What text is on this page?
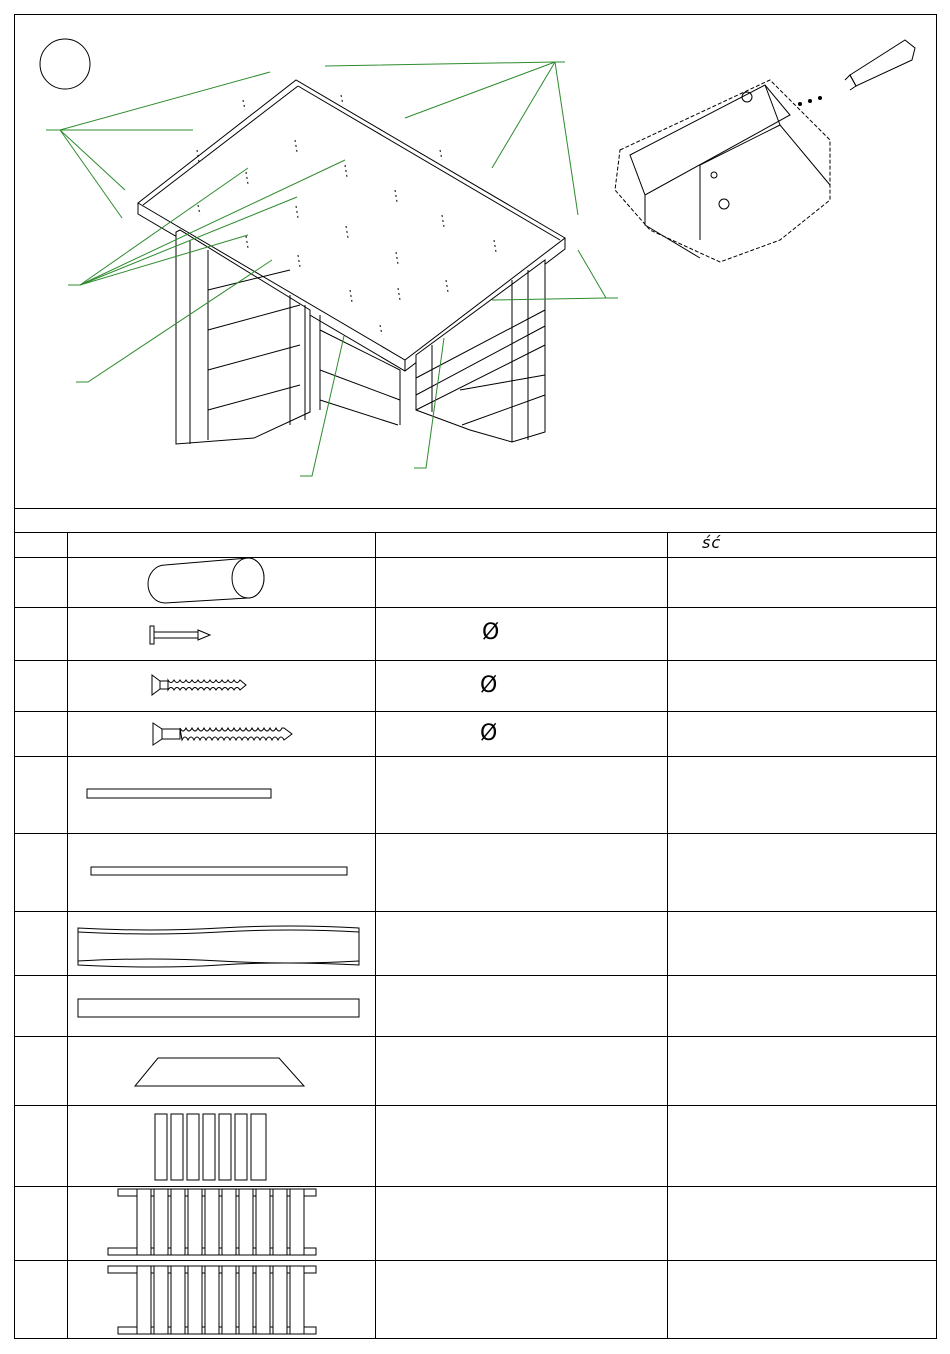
ść
Ø
Ø
Ø
